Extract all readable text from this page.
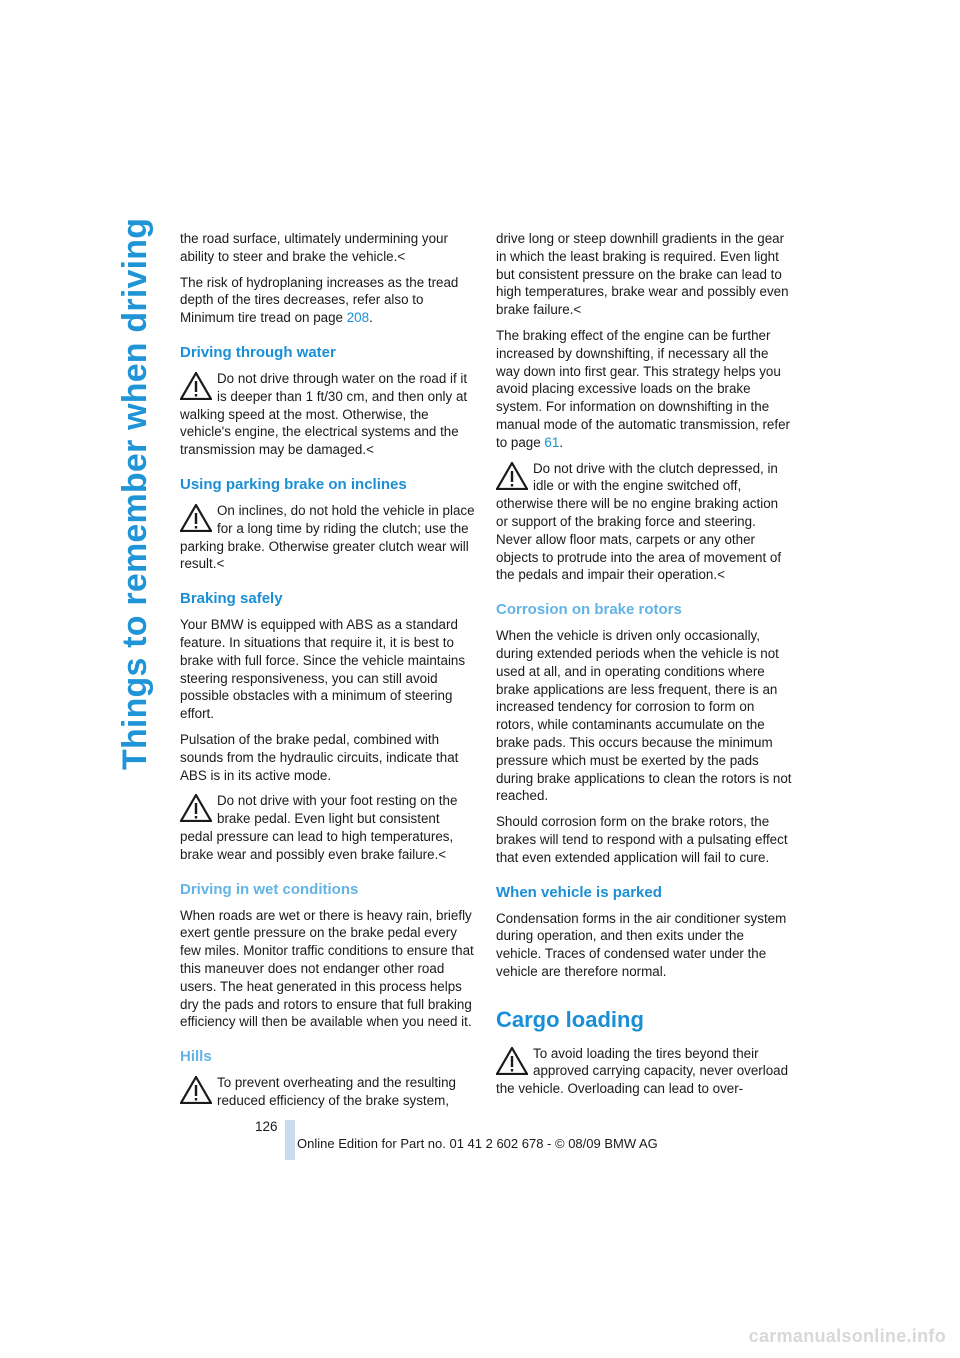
Things to remember when driving the road surface, ultimately undermining your ability to steer and brake the vehicle.<

The risk of hydroplaning increases as the tread depth of the tires decreases, refer also to Minimum tire tread on page 208.

Driving through water
Do not drive through water on the road if it is deeper than 1 ft/30 cm, and then only at walking speed at the most. Otherwise, the vehicle's engine, the electrical systems and the transmission may be damaged.<
Using parking brake on inclines
On inclines, do not hold the vehicle in place for a long time by riding the clutch; use the parking brake. Otherwise greater clutch wear will result.<
Braking safely

Your BMW is equipped with ABS as a standard feature. In situations that require it, it is best to brake with full force. Since the vehicle maintains steering responsiveness, you can still avoid possible obstacles with a minimum of steering effort.

Pulsation of the brake pedal, combined with sounds from the hydraulic circuits, indicate that ABS is in its active mode.

Do not drive with your foot resting on the brake pedal. Even light but consistent pedal pressure can lead to high temperatures, brake wear and possibly even brake failure.<
Driving in wet conditions

When roads are wet or there is heavy rain, briefly exert gentle pressure on the brake pedal every few miles. Monitor traffic conditions to ensure that this maneuver does not endanger other road users. The heat generated in this process helps dry the pads and rotors to ensure that full braking efficiency will then be available when you need it.

Hills
To prevent overheating and the resulting reduced efficiency of the brake system,

drive long or steep downhill gradients in the gear in which the least braking is required. Even light but consistent pressure on the brake can lead to high temperatures, brake wear and possibly even brake failure.<

The braking effect of the engine can be further increased by downshifting, if necessary all the way down into first gear. This strategy helps you avoid placing excessive loads on the brake system. For information on downshifting in the manual mode of the automatic transmission, refer to page 61.

Do not drive with the clutch depressed, in idle or with the engine switched off, otherwise there will be no engine braking action or support of the braking force and steering. Never allow floor mats, carpets or any other objects to protrude into the area of movement of the pedals and impair their operation.<
Corrosion on brake rotors

When the vehicle is driven only occasionally, during extended periods when the vehicle is not used at all, and in operating conditions where brake applications are less frequent, there is an increased tendency for corrosion to form on rotors, while contaminants accumulate on the brake pads. This occurs because the minimum pressure which must be exerted by the pads during brake applications to clean the rotors is not reached.

Should corrosion form on the brake rotors, the brakes will tend to respond with a pulsating effect that even extended application will fail to cure.

When vehicle is parked

Condensation forms in the air conditioner system during operation, and then exits under the vehicle. Traces of condensed water under the vehicle are therefore normal.

Cargo loading
To avoid loading the tires beyond their approved carrying capacity, never overload the vehicle. Overloading can lead to over-
126
Online Edition for Part no. 01 41 2 602 678 - © 08/09 BMW AG
carmanualsonline.info
